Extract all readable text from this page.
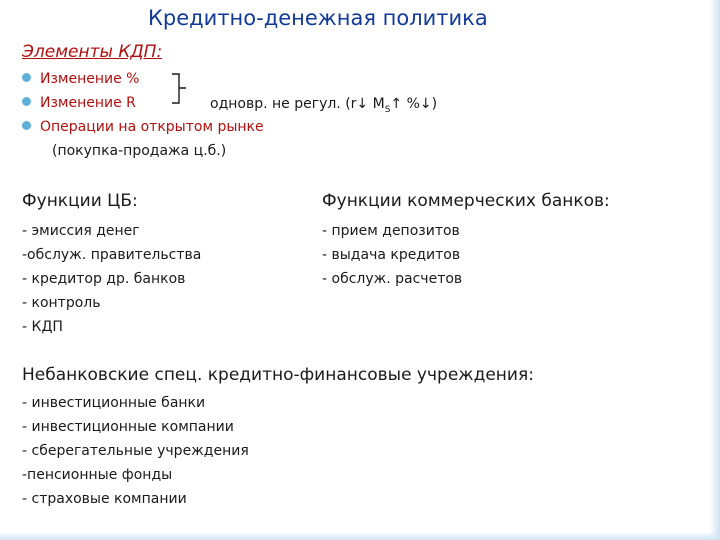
Кредитно-денежная политика
Элементы КДП:
Изменение %
Изменение R
Операции на открытом рынке
одновр. не регул. (r↓ $M_S↑$ %↓)
(покупка-продажа ц.б.)
Функции ЦБ:
- эмиссия денег
-обслуж. правительства
- кредитор др. банков
- контроль
- КДП
Функции коммерческих банков:
- прием депозитов
- выдача кредитов
- обслуж. расчетов
Небанковские спец. кредитно-финансовые учреждения:
- инвестиционные банки
- инвестиционные компании
- сберегательные учреждения
-пенсионные фонды
- страховые компании
